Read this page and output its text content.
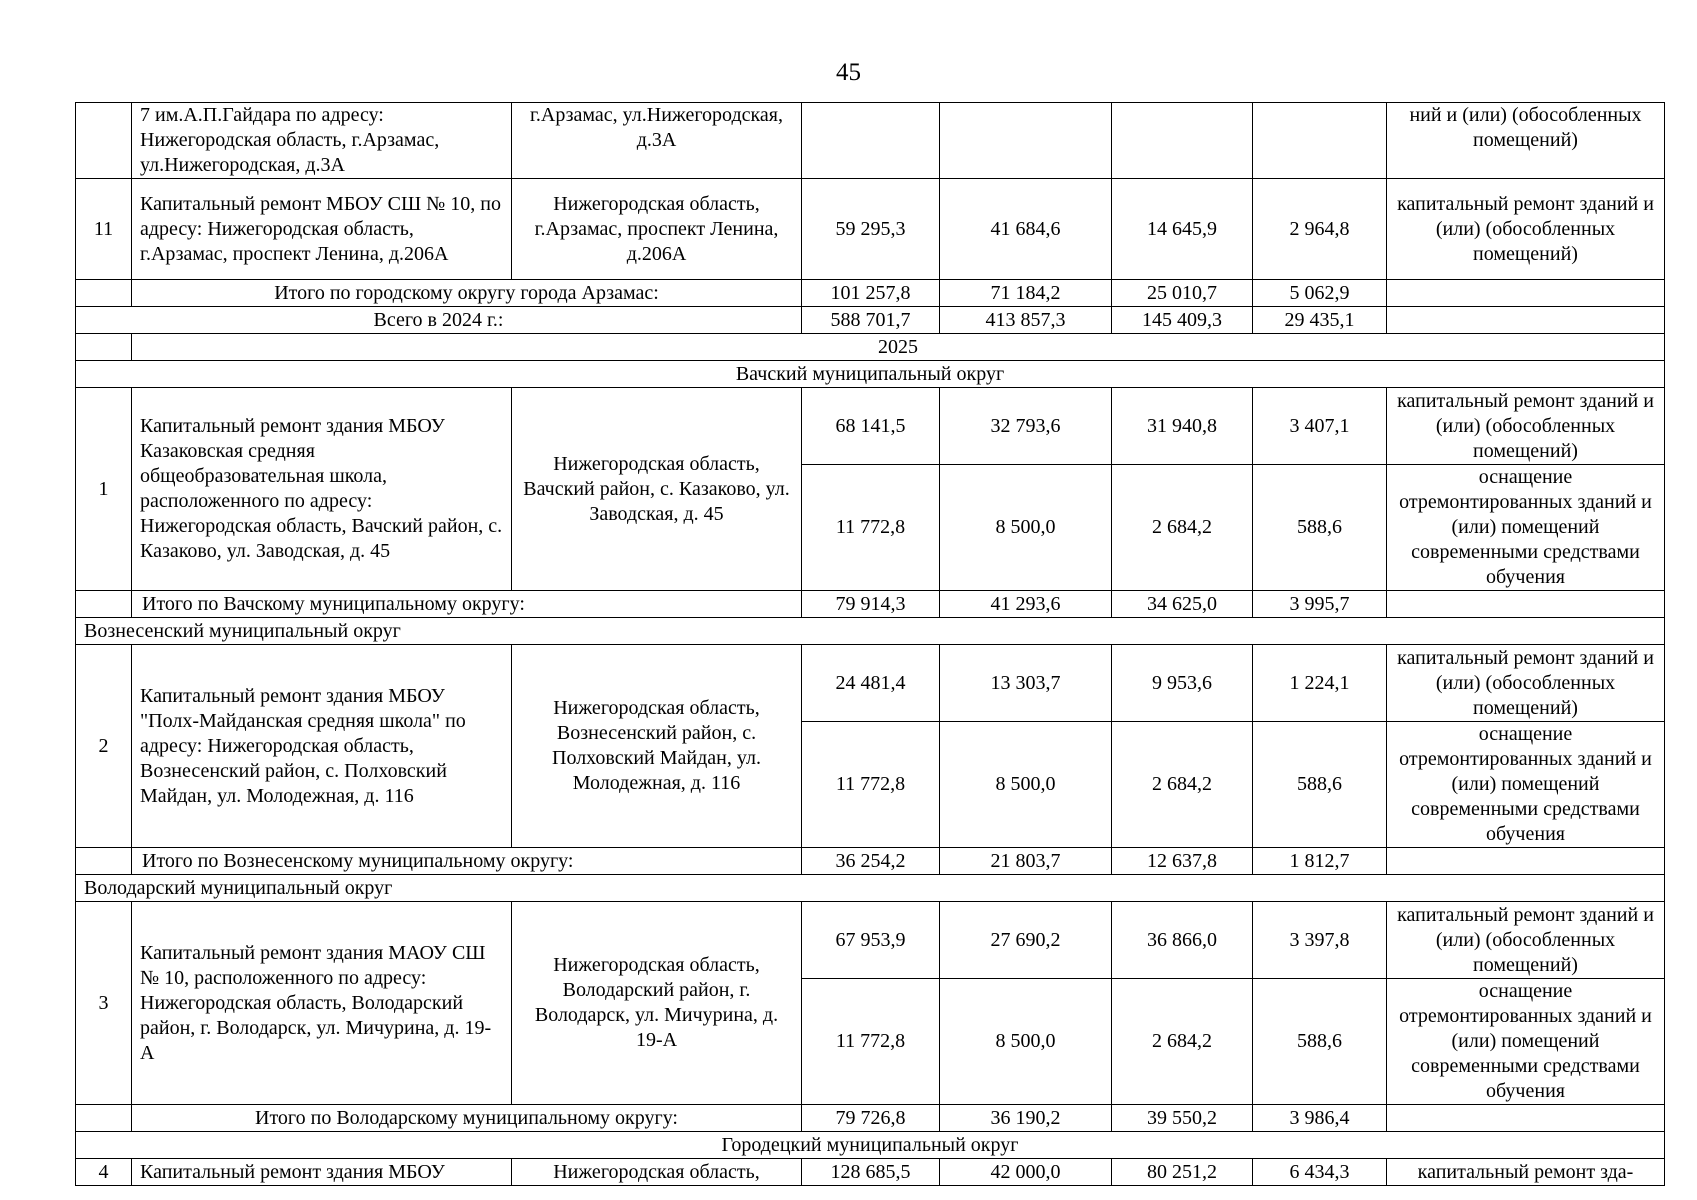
45
	7 им.А.П.Гайдара по адресу: Нижегородская область, г.Арзамас, ул.Нижегородская, д.3А	г.Арзамас, ул.Нижегородская, д.3А					ний и (или) (обособленных помещений)
11	Капитальный ремонт МБОУ СШ № 10, по адресу: Нижегородская область, г.Арзамас, проспект Ленина, д.206А	Нижегородская область, г.Арзамас, проспект Ленина, д.206А	59 295,3	41 684,6	14 645,9	2 964,8	капитальный ремонт зданий и (или) (обособленных помещений)
	Итого по городскому округу города Арзамас:		101 257,8	71 184,2	25 010,7	5 062,9	
Всего в 2024 г.:			588 701,7	413 857,3	145 409,3	29 435,1	
	2025						
Вачский муниципальный округ							
1	Капитальный ремонт здания МБОУ Казаковская средняя общеобразовательная школа, расположенного по адресу: Нижегородская область, Вачский район, с. Казаково, ул. Заводская, д. 45	Нижегородская область, Вачский район, с. Казаково, ул. Заводская, д. 45	68 141,5	32 793,6	31 940,8	3 407,1	капитальный ремонт зданий и (или) (обособленных помещений)
			11 772,8	8 500,0	2 684,2	588,6	оснащение отремонтированных зданий и (или) помещений современными средствами обучения
	Итого по Вачскому муниципальному округу:		79 914,3	41 293,6	34 625,0	3 995,7	
Вознесенский муниципальный округ							
2	Капитальный ремонт здания МБОУ "Полх-Майданская средняя школа" по адресу: Нижегородская область, Вознесенский район, с. Полховский Майдан, ул. Молодежная, д. 116	Нижегородская область, Вознесенский район, с. Полховский Майдан, ул. Молодежная, д. 116	24 481,4	13 303,7	9 953,6	1 224,1	капитальный ремонт зданий и (или) (обособленных помещений)
			11 772,8	8 500,0	2 684,2	588,6	оснащение отремонтированных зданий и (или) помещений современными средствами обучения
	Итого по Вознесенскому муниципальному округу:		36 254,2	21 803,7	12 637,8	1 812,7	
Володарский муниципальный округ							
3	Капитальный ремонт здания МАОУ СШ № 10, расположенного по адресу: Нижегородская область, Володарский район, г. Володарск, ул. Мичурина, д. 19-А	Нижегородская область, Володарский район, г. Володарск, ул. Мичурина, д. 19-А	67 953,9	27 690,2	36 866,0	3 397,8	капитальный ремонт зданий и (или) (обособленных помещений)
			11 772,8	8 500,0	2 684,2	588,6	оснащение отремонтированных зданий и (или) помещений современными средствами обучения
	Итого по Володарскому муниципальному округу:		79 726,8	36 190,2	39 550,2	3 986,4	
Городецкий муниципальный округ							
4	Капитальный ремонт здания МБОУ	Нижегородская область,	128 685,5	42 000,0	80 251,2	6 434,3	капитальный ремонт зда-
